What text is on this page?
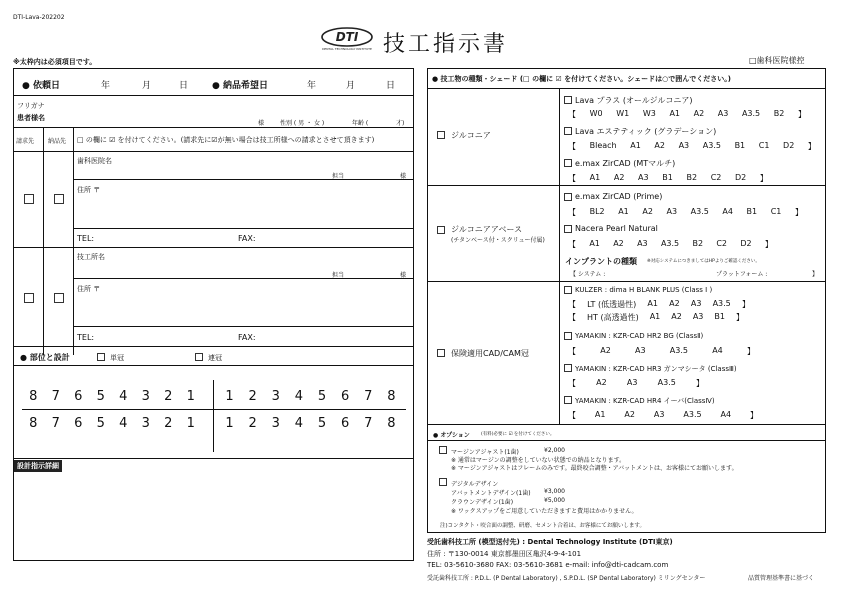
DTI-Lava-202202
DTI
DENTAL TECHNOLOGY INSTITUTE 技工指示書
※太枠内は必須項目です。	□歯科医院様控
● 依頼日	年	月	日	● 納品希望日	年	月	日
フリガナ
患者様名
様	性別 ( 男 ・ 女 )	年齢 (	才)
請求先 納品先 □ の欄に ☑ を付けてください。(請求先に☑が無い場合は技工所様への請求とさせて頂きます)
歯科医院名
担当	様
住所 〒
TEL:	FAX:
技工所名
担当	様
住所 〒
TEL:	FAX:
● 部位と設計	単冠	連冠
8 7 6 5 4 3 2 1 1 2 3 4 5 6 7 8
8 7 6 5 4 3 2 1 1 2 3 4 5 6 7 8
設計指示詳細
● 技工物の種類・シェード (□ の欄に ☑ を付けてください。シェードは○で囲んでください。)
ジルコニア
Lava プラス (オールジルコニア)
【 W0 W1 W3 A1 A2 A3 A3.5 B2 】
Lava エステティック (グラデーション)
【 Bleach A1 A2 A3 A3.5 B1 C1 D2 】
e.max ZirCAD (MTマルチ)
【 A1 A2 A3 B1 B2 C2 D2 】
ジルコニアアベース
(チタンベース付・スクリュー付属)
e.max ZirCAD (Prime)
【 BL2 A1 A2 A3 A3.5 A4 B1 C1 】
Nacera Pearl Natural
【 A1 A2 A3 A3.5 B2 C2 D2 】
インプラントの種類 ※対応システムにつきましてはHPよりご確認ください。
【 システム :	プラットフォーム :	】
保険適用CAD/CAM冠
KULZER : dima H BLANK PLUS (Class I )
【 LT (低透過性) A1 A2 A3 A3.5 】
【 HT (高透過性) A1 A2 A3 B1 】
YAMAKIN : KZR-CAD HR2 BG (ClassⅡ)
【	A2	A3	A3.5	A4	】
YAMAKIN : KZR-CAD HR3 ガンマシータ (ClassⅢ)
【	A2	A3	A3.5	】
YAMAKIN : KZR-CAD HR4 イーバ(ClassⅣ)
【 A1 A2 A3 A3.5 A4 】
● オプション (有料)必要に ☑ を付けてください。
マージンアジャスト(1歯)	¥2,000
※ 通常はマージンの調整をしていない状態での納品となります。
※ マージンアジャストはフレームのみです。最終咬合調整・アバットメントは、お客様にてお願いします。
デジタルデザイン
アバットメントデザイン(1歯) ¥3,000
クラウンデザイン(1歯)	¥5,000
※ ワックスアップをご用意していただきますと費用はかかりません。
注)コンタクト・咬合面の調整、研磨、セメント合着は、お客様にてお願いします。
受託歯科技工所 (模型送付先) : Dental Technology Institute (DTI東京)
住所 : 〒130-0014 東京都墨田区亀沢4-9-4-101
TEL: 03-5610-3680 FAX: 03-5610-3681 e-mail: info@dti-cadcam.com
受託歯科技工所 : P.D.L. (P Dental Laboratory) , S.P.D.L. (SP Dental Laboratory) ミリングセンター	品質管理基準書に基づく
